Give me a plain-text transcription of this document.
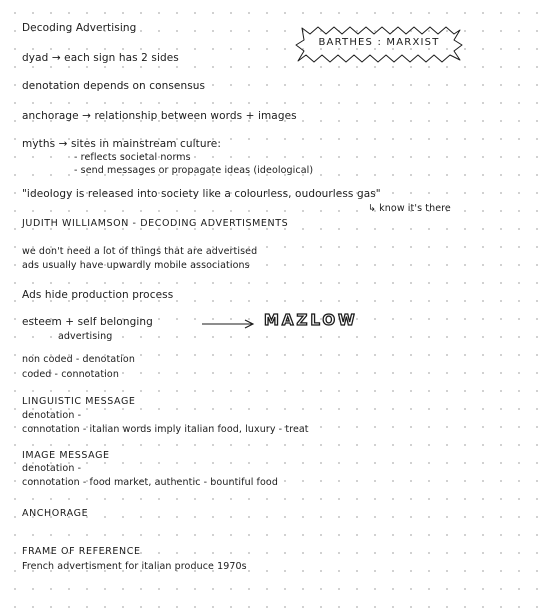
Decoding Advertising
BARTHES : MARXIST
dyad → each sign has 2 sides
denotation depends on consensus
anchorage → relationship between words + images
myths → sites in mainstream culture:
- reflects societal norms
- send messages or propagate ideas (ideological)
"ideology is released into society like a colourless, oudourless gas"
↳ know it's there
JUDITH WILLIAMSON - DECODING ADVERTISMENTS
we don't need a lot of things that are advertised
ads usually have upwardly mobile associations
Ads hide production process
esteem + self belonging
advertising
MAZLOW
non coded - denotation
coded - connotation
LINGUISTIC MESSAGE
denotation -
connotation - italian words imply italian food, luxury - treat
IMAGE MESSAGE
denotation -
connotation - food market, authentic - bountiful food
ANCHORAGE
FRAME OF REFERENCE
French advertisment for italian produce 1970s
